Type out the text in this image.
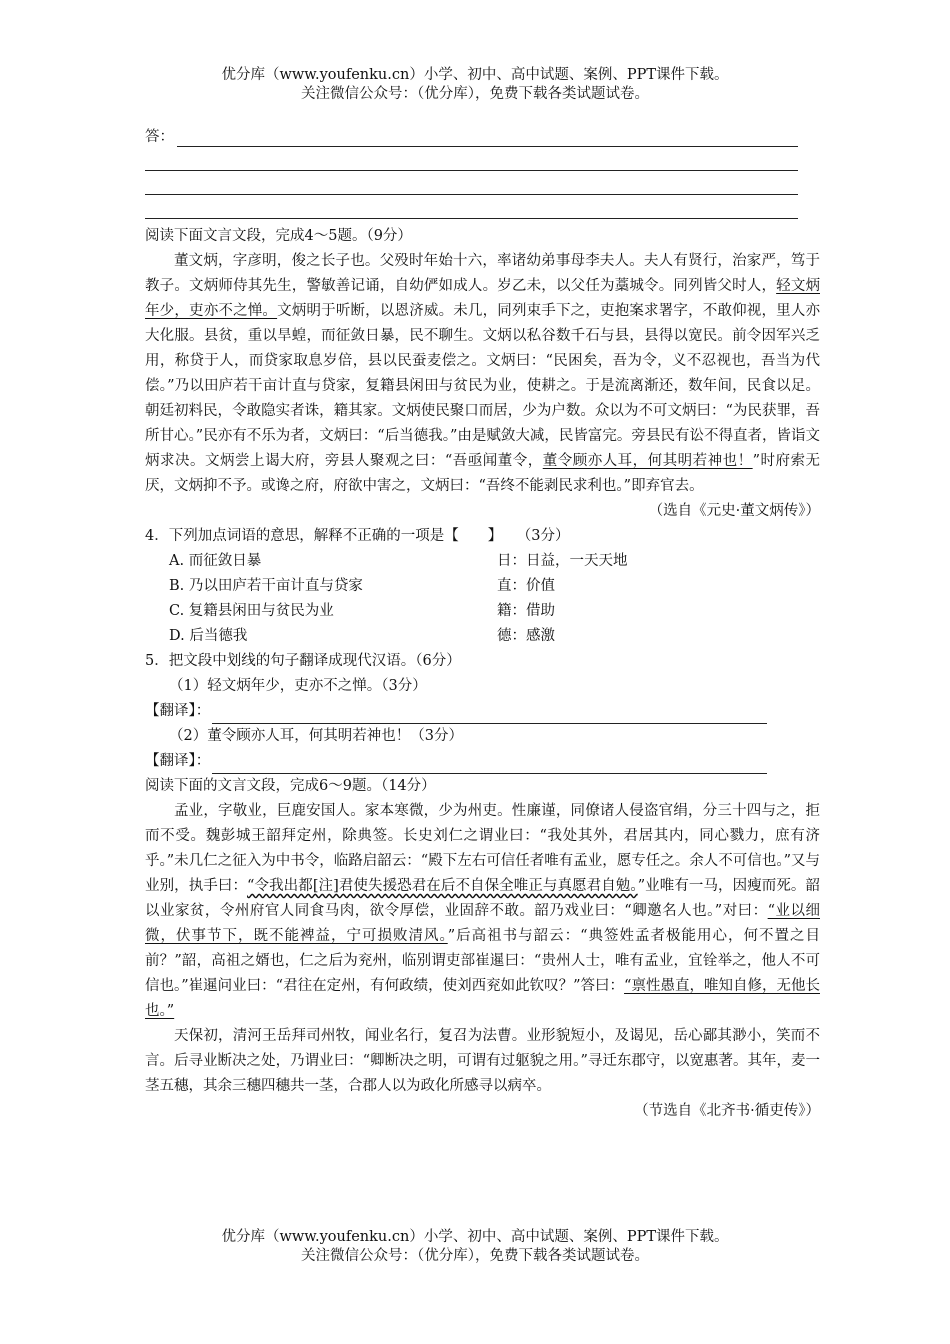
优分库（www.youfenku.cn）小学、初中、高中试题、案例、PPT课件下载。
关注微信公众号：（优分库），免费下载各类试题试卷。
答：

阅读下面文言文段，完成4～5题。（9分）

董文炳，字彦明，俊之长子也。父殁时年始十六，率诸幼弟事母李夫人。夫人有贤行，治家严，笃于教子。文炳师侍其先生，警敏善记诵，自幼俨如成人。岁乙未，以父任为藁城令。同列皆父时人，轻文炳年少，吏亦不之惮。文炳明于听断，以恩济威。未几，同列束手下之，吏抱案求署字，不敢仰视，里人亦大化服。县贫，重以旱蝗，而征敛日暴，民不聊生。文炳以私谷数千石与县，县得以宽民。前令因军兴乏用，称贷于人，而贷家取息岁倍，县以民蚕麦偿之。文炳曰：“民困矣，吾为令，义不忍视也，吾当为代偿。”乃以田庐若干亩计直与贷家，复籍县闲田与贫民为业，使耕之。于是流离渐还，数年间，民食以足。朝廷初料民，令敢隐实者诛，籍其家。文炳使民聚口而居，少为户数。众以为不可文炳曰：“为民获罪，吾所甘心。”民亦有不乐为者，文炳曰：“后当德我。”由是赋敛大减，民皆富完。旁县民有讼不得直者，皆诣文炳求决。文炳尝上谒大府，旁县人聚观之曰：“吾亟闻董令，董令顾亦人耳，何其明若神也！”时府索无厌，文炳抑不予。或谗之府，府欲中害之，文炳曰：“吾终不能剥民求利也。”即弃官去。

（选自《元史·董文炳传》）
4．下列加点词语的意思，解释不正确的一项是【　　】　　（3分）
A. 而征敛日暴	日：日益，一天天地
B. 乃以田庐若干亩计直与贷家	直：价值
C. 复籍县闲田与贫民为业	籍：借助
D. 后当德我	德：感激
5．把文段中划线的句子翻译成现代汉语。（6分）
（1）轻文炳年少，吏亦不之惮。（3分）
【翻译】：
（2）董令顾亦人耳，何其明若神也！（3分）
【翻译】：

阅读下面的文言文段，完成6～9题。（14分）

孟业，字敬业，巨鹿安国人。家本寒微，少为州吏。性廉谨，同僚诸人侵盗官绢，分三十四与之，拒而不受。魏彭城王韶拜定州，除典签。长史刘仁之谓业曰：“我处其外，君居其内，同心戮力，庶有济乎。”未几仁之征入为中书令，临路启韶云：“殿下左右可信任者唯有孟业，愿专任之。余人不可信也。”又与业别，执手曰：“令我出都[注]君使失援恐君在后不自保全唯正与真愿君自勉。”业唯有一马，因瘦而死。韶以业家贫，令州府官人同食马肉，欲令厚偿，业固辞不敢。韶乃戏业曰：“卿邀名人也。”对曰：“业以细微，伏事节下，既不能裨益，宁可损败清风。”后高祖书与韶云：“典签姓孟者极能用心，何不置之目前？”韶，高祖之婿也，仁之后为兖州，临别谓吏部崔暹曰：“贵州人士，唯有孟业，宜铨举之，他人不可信也。”崔暹问业曰：“君往在定州，有何政绩，使刘西兖如此钦叹？”答曰：“禀性愚直，唯知自修，无他长也。”

天保初，清河王岳拜司州牧，闻业名行，复召为法曹。业形貌短小，及谒见，岳心鄙其渺小，笑而不言。后寻业断决之处，乃谓业曰：“卿断决之明，可谓有过躯貌之用。”寻迁东郡守，以宽惠著。其年，麦一茎五穗，其余三穗四穗共一茎，合郡人以为政化所感寻以病卒。

（节选自《北齐书·循吏传》）
优分库（www.youfenku.cn）小学、初中、高中试题、案例、PPT课件下载。
关注微信公众号：（优分库），免费下载各类试题试卷。
